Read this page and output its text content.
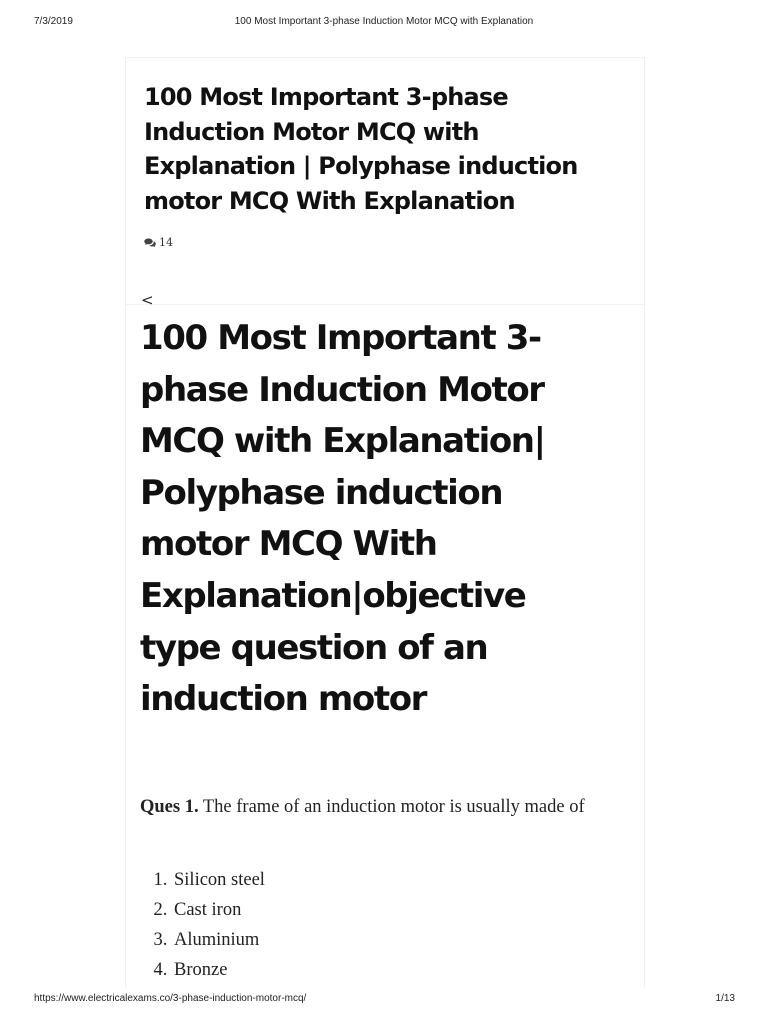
7/3/2019	100 Most Important 3-phase Induction Motor MCQ with Explanation
100 Most Important 3-phase Induction Motor MCQ with Explanation | Polyphase induction motor MCQ With Explanation
14
<
100 Most Important 3-phase Induction Motor MCQ with Explanation| Polyphase induction motor MCQ With Explanation|objective type question of an induction motor

Ques 1. The frame of an induction motor is usually made of

1. Silicon steel
2. Cast iron
3. Aluminium
4. Bronze
https://www.electricalexams.co/3-phase-induction-motor-mcq/	1/13
